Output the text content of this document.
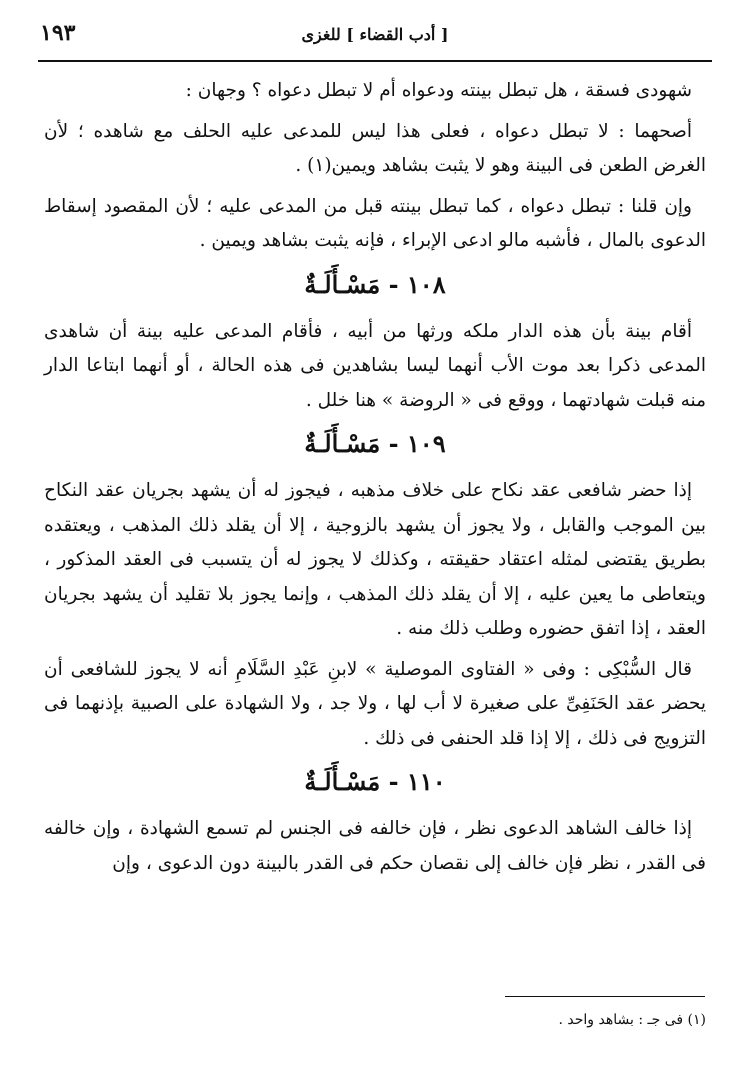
[ أدب القضاء ] للغزى
١٩٣

شهودى فسقة ، هل تبطل بينته ودعواه أم لا تبطل دعواه ؟ وجهان :

أصحهما : لا تبطل دعواه ، فعلى هذا ليس للمدعى عليه الحلف مع شاهده ؛ لأن الغرض الطعن فى البينة وهو لا يثبت بشاهد ويمين(١) .

وإن قلنا : تبطل دعواه ، كما تبطل بينته قبل من المدعى عليه ؛ لأن المقصود إسقاط الدعوى بالمال ، فأشبه مالو ادعى الإبراء ، فإنه يثبت بشاهد ويمين .

١٠٨ - مَسْـأَلَـةٌ

أقام بينة بأن هذه الدار ملكه ورثها من أبيه ، فأقام المدعى عليه بينة أن شاهدى المدعى ذكرا بعد موت الأب أنهما ليسا بشاهدين فى هذه الحالة ، أو أنهما ابتاعا الدار منه قبلت شهادتهما ، ووقع فى « الروضة » هنا خلل .

١٠٩ - مَسْـأَلَـةٌ

إذا حضر شافعى عقد نكاح على خلاف مذهبه ، فيجوز له أن يشهد بجريان عقد النكاح بين الموجب والقابل ، ولا يجوز أن يشهد بالزوجية ، إلا أن يقلد ذلك المذهب ، ويعتقده بطريق يقتضى لمثله اعتقاد حقيقته ، وكذلك لا يجوز له أن يتسبب فى العقد المذكور ، ويتعاطى ما يعين عليه ، إلا أن يقلد ذلك المذهب ، وإنما يجوز بلا تقليد أن يشهد بجريان العقد ، إذا اتفق حضوره وطلب ذلك منه .

قال السُّبْكِى : وفى « الفتاوى الموصلية » لابنِ عَبْدِ السَّلَامِ أنه لا يجوز للشافعى أن يحضر عقد الحَنَفِىِّ على صغيرة لا أب لها ، ولا جد ، ولا الشهادة على الصبية بإذنهما فى التزويج فى ذلك ، إلا إذا قلد الحنفى فى ذلك .

١١٠ - مَسْـأَلَـةٌ

إذا خالف الشاهد الدعوى نظر ، فإن خالفه فى الجنس لم تسمع الشهادة ، وإن خالفه فى القدر ، نظر فإن خالف إلى نقصان حكم فى القدر بالبينة دون الدعوى ، وإن

(١) فى جـ : بشاهد واحد .
